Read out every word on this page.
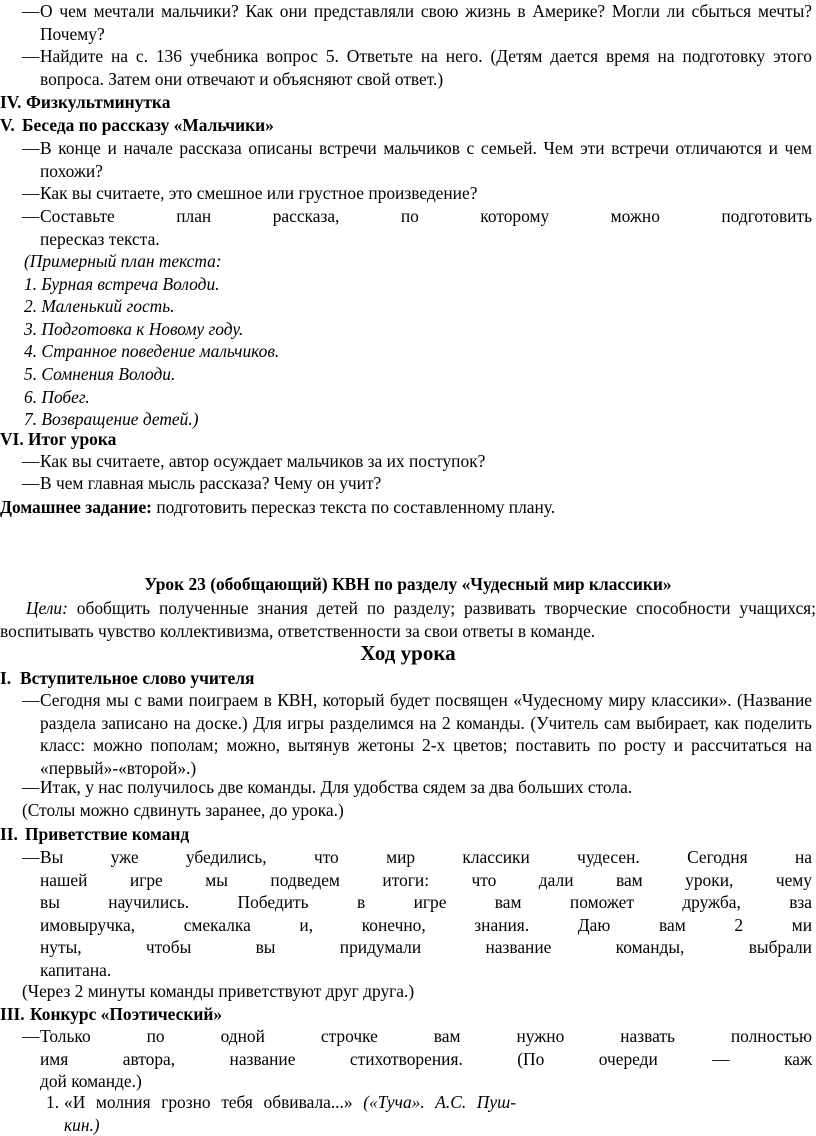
— О чем мечтали мальчики? Как они представляли свою жизнь в Америке? Могли ли сбыться мечты? Почему?

— Найдите на с. 136 учебника вопрос 5. Ответьте на него. (Детям дается время на подготовку этого вопроса. Затем они отвечают и объясняют свой ответ.)

IV. Физкультминутка
V. Беседа по рассказу «Мальчики»
— В конце и начале рассказа описаны встречи мальчиков с семьей. Чем эти встречи отличаются и чем похожи?

— Как вы считаете, это смешное или грустное произведение?

— Составьте план рассказа, по которому можно подготовить

пересказ текста.

(Примерный план текста:
1. Бурная встреча Володи.
2. Маленький гость.
3. Подготовка к Новому году.
4. Странное поведение мальчиков.
5. Сомнения Володи.
6. Побег.
7. Возвращение детей.)
VI. Итог урока
— Как вы считаете, автор осуждает мальчиков за их поступок?

— В чем главная мысль рассказа? Чему он учит?

Домашнее задание: подготовить пересказ текста по составленному плану.
Урок 23 (обобщающий) КВН по разделу «Чудесный мир классики»
Цели: обобщить полученные знания детей по разделу; развивать творческие способности учащихся; воспитывать чувство коллективизма, ответственности за свои ответы в команде.
Ход урока
I. Вступительное слово учителя
— Сегодня мы с вами поиграем в КВН, который будет посвящен «Чудесному миру классики». (Название раздела записано на доске.) Для игры разделимся на 2 команды. (Учитель сам выбирает, как поделить класс: можно пополам; можно, вытянув жетоны 2-х цветов; поставить по росту и рассчитаться на «первый»-«второй».)

— Итак, у нас получилось две команды. Для удобства сядем за два больших стола.

(Столы можно сдвинуть заранее, до урока.)
II. Приветствие команд
— Вы уже убедились, что мир классики чудесен. Сегодня на

нашей игре мы подведем итоги: что дали вам уроки, чему

вы научились. Победить в игре вам поможет дружба, вза

имовыручка, смекалка и, конечно, знания. Даю вам 2 ми

нуты, чтобы вы придумали название команды, выбрали

капитана.

(Через 2 минуты команды приветствуют друг друга.)
III. Конкурс «Поэтический»
— Только по одной строчке вам нужно назвать полностью

имя автора, название стихотворения. (По очереди — каж

дой команде.)

1. «И молния грозно тебя обвивала...» («Туча». А.С. Пуш-

кин.)
